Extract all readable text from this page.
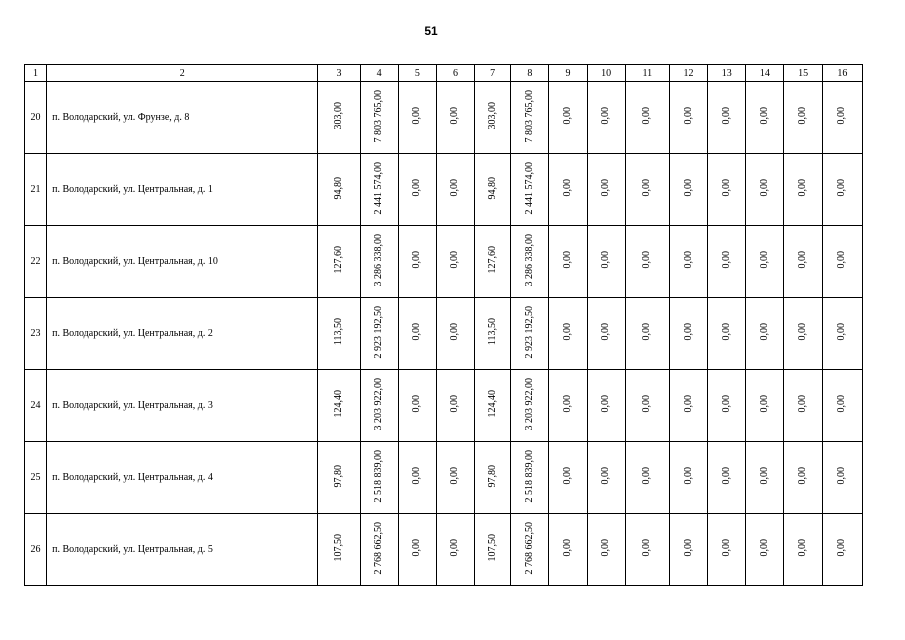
51
1	2	3	4	5	6	7	8	9	10	11	12	13	14	15	16
20	п. Володарский, ул. Фрунзе, д. 8	303,00	7 803 765,00	0,00	0,00	303,00	7 803 765,00	0,00	0,00	0,00	0,00	0,00	0,00	0,00	0,00
21	п. Володарский, ул. Центральная, д. 1	94,80	2 441 574,00	0,00	0,00	94,80	2 441 574,00	0,00	0,00	0,00	0,00	0,00	0,00	0,00	0,00
22	п. Володарский, ул. Центральная, д. 10	127,60	3 286 338,00	0,00	0,00	127,60	3 286 338,00	0,00	0,00	0,00	0,00	0,00	0,00	0,00	0,00
23	п. Володарский, ул. Центральная, д. 2	113,50	2 923 192,50	0,00	0,00	113,50	2 923 192,50	0,00	0,00	0,00	0,00	0,00	0,00	0,00	0,00
24	п. Володарский, ул. Центральная, д. 3	124,40	3 203 922,00	0,00	0,00	124,40	3 203 922,00	0,00	0,00	0,00	0,00	0,00	0,00	0,00	0,00
25	п. Володарский, ул. Центральная, д. 4	97,80	2 518 839,00	0,00	0,00	97,80	2 518 839,00	0,00	0,00	0,00	0,00	0,00	0,00	0,00	0,00
26	п. Володарский, ул. Центральная, д. 5	107,50	2 768 662,50	0,00	0,00	107,50	2 768 662,50	0,00	0,00	0,00	0,00	0,00	0,00	0,00	0,00
